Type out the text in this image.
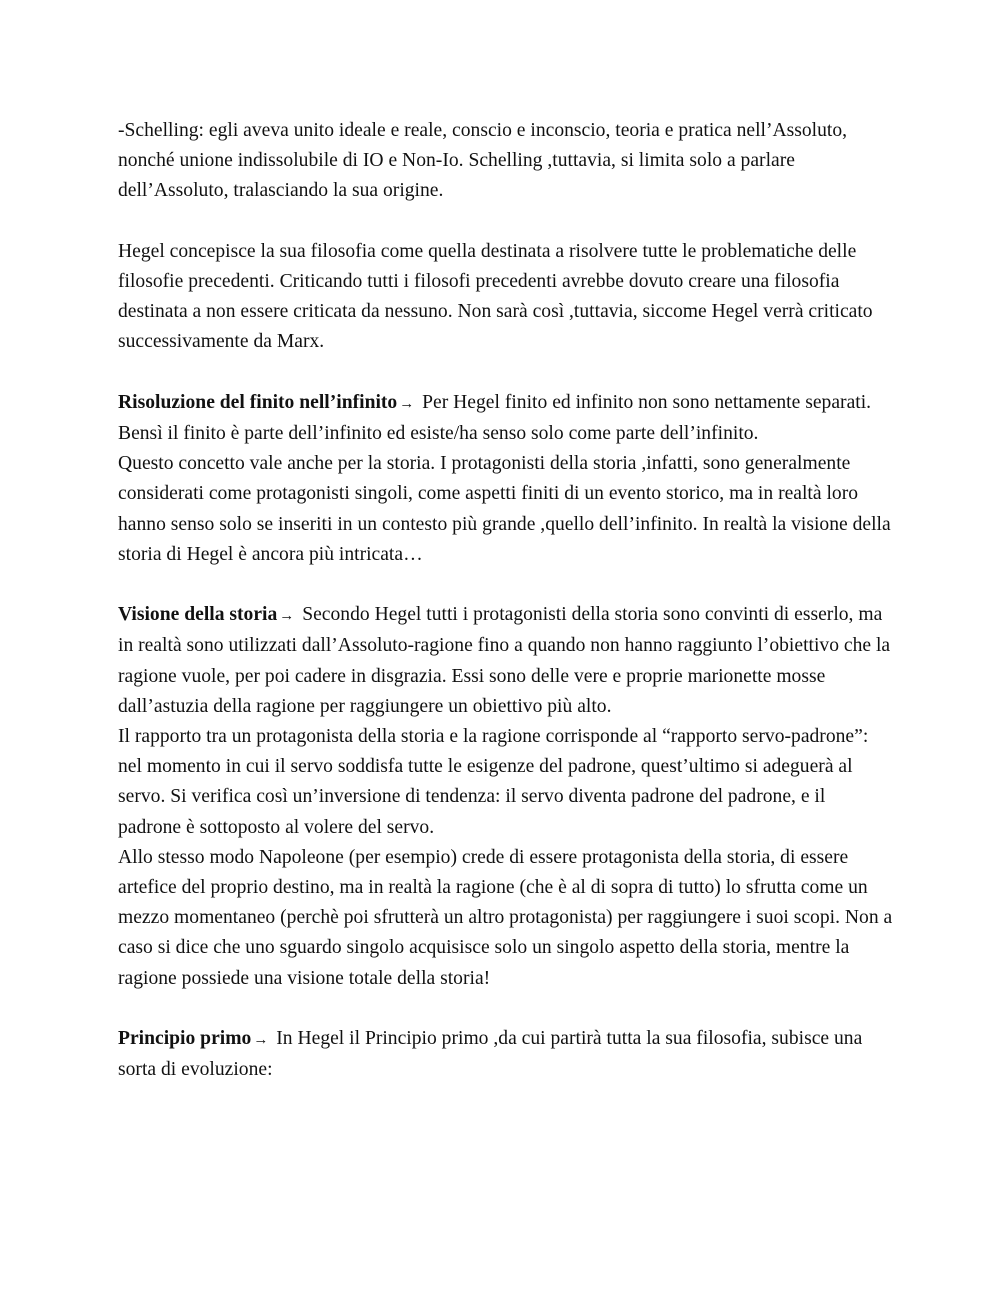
-Schelling: egli aveva unito ideale e reale, conscio e inconscio, teoria e pratica nell’Assoluto, nonché unione indissolubile di IO e Non-Io. Schelling ,tuttavia, si limita solo a parlare dell’Assoluto, tralasciando la sua origine.

Hegel concepisce la sua filosofia come quella destinata a risolvere tutte le problematiche delle filosofie precedenti. Criticando tutti i filosofi precedenti avrebbe dovuto creare una filosofia destinata a non essere criticata da nessuno. Non sarà così ,tuttavia, siccome Hegel verrà criticato successivamente da Marx.

Risoluzione del finito nell’infinito → Per Hegel finito ed infinito non sono nettamente separati. Bensì il finito è parte dell’infinito ed esiste/ha senso solo come parte dell’infinito.

Questo concetto vale anche per la storia. I protagonisti della storia ,infatti, sono generalmente considerati come protagonisti singoli, come aspetti finiti di un evento storico, ma in realtà loro hanno senso solo se inseriti in un contesto più grande ,quello dell’infinito. In realtà la visione della storia di Hegel è ancora più intricata…

Visione della storia → Secondo Hegel tutti i protagonisti della storia sono convinti di esserlo, ma in realtà sono utilizzati dall’Assoluto-ragione fino a quando non hanno raggiunto l’obiettivo che la ragione vuole, per poi cadere in disgrazia. Essi sono delle vere e proprie marionette mosse dall’astuzia della ragione per raggiungere un obiettivo più alto.

Il rapporto tra un protagonista della storia e la ragione corrisponde al “rapporto servo-padrone”: nel momento in cui il servo soddisfa tutte le esigenze del padrone, quest’ultimo si adeguerà al servo. Si verifica così un’inversione di tendenza: il servo diventa padrone del padrone, e il padrone è sottoposto al volere del servo.

Allo stesso modo Napoleone (per esempio) crede di essere protagonista della storia, di essere artefice del proprio destino, ma in realtà la ragione (che è al di sopra di tutto) lo sfrutta come un mezzo momentaneo (perchè poi sfrutterà un altro protagonista) per raggiungere i suoi scopi. Non a caso si dice che uno sguardo singolo acquisisce solo un singolo aspetto della storia, mentre la ragione possiede una visione totale della storia!

Principio primo → In Hegel il Principio primo ,da cui partirà tutta la sua filosofia, subisce una sorta di evoluzione:
